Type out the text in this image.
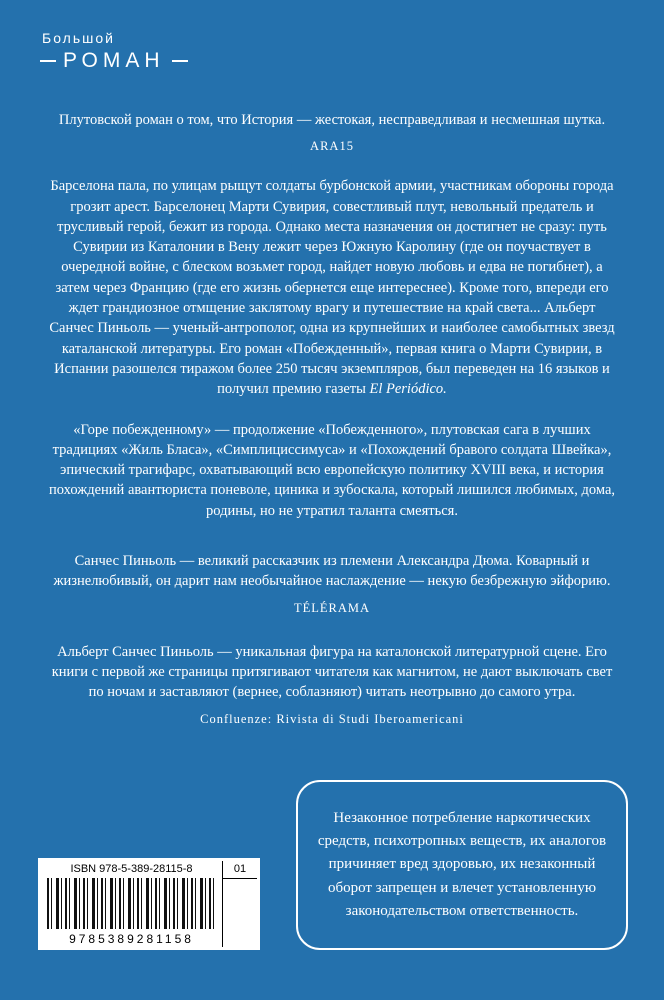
Большой
РОМАН

Плутовской роман о том, что История — жестокая, несправедливая и несмешная шутка.

ARA15

Барселона пала, по улицам рыщут солдаты бурбонской армии, участникам обороны города грозит арест. Барселонец Марти Сувирия, совестливый плут, невольный предатель и трусливый герой, бежит из города. Однако места назначения он достигнет не сразу: путь Сувирии из Каталонии в Вену лежит через Южную Каролину (где он поучаствует в очередной войне, с блеском возьмет город, найдет новую любовь и едва не погибнет), а затем через Францию (где его жизнь обернется еще интереснее). Кроме того, впереди его ждет грандиозное отмщение заклятому врагу и путешествие на край света... Альберт Санчес Пиньоль — ученый-антрополог, одна из крупнейших и наиболее самобытных звезд каталанской литературы. Его роман «Побежденный», первая книга о Марти Сувирии, в Испании разошелся тиражом более 250 тысяч экземпляров, был переведен на 16 языков и получил премию газеты El Periódico.

«Горе побежденному» — продолжение «Побежденного», плутовская сага в лучших традициях «Жиль Бласа», «Симплициссимуса» и «Похождений бравого солдата Швейка», эпический трагифарс, охватывающий всю европейскую политику XVIII века, и история похождений авантюриста поневоле, циника и зубоскала, который лишился любимых, дома, родины, но не утратил таланта смеяться.

Санчес Пиньоль — великий рассказчик из племени Александра Дюма. Коварный и жизнелюбивый, он дарит нам необычайное наслаждение — некую безбрежную эйфорию.

TÉLÉRAMA

Альберт Санчес Пиньоль — уникальная фигура на каталонской литературной сцене. Его книги с первой же страницы притягивают читателя как магнитом, не дают выключать свет по ночам и заставляют (вернее, соблазняют) читать неотрывно до самого утра.

Confluenze: Rivista di Studi Iberoamericani

Незаконное потребление наркотических средств, психотропных веществ, их аналогов причиняет вред здоровью, их незаконный оборот запрещен и влечет установленную законодательством ответственность.

ISBN 978-5-389-28115-8
9785389281158
01
